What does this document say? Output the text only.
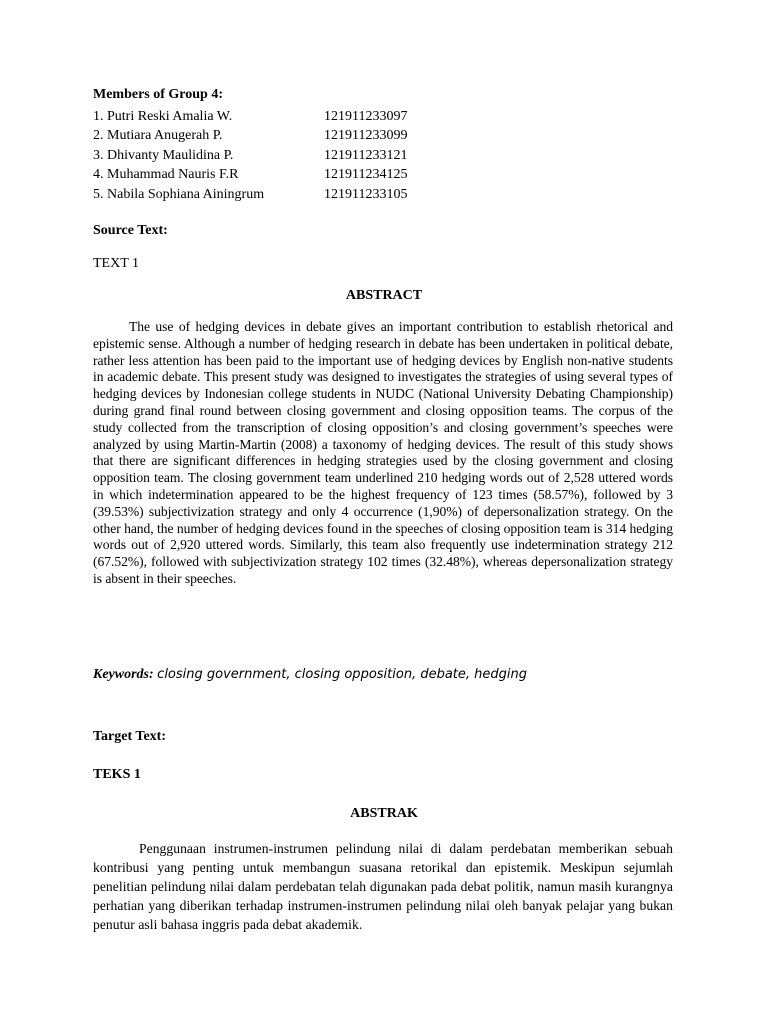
Members of Group 4:
1. Putri Reski Amalia W.	121911233097
2. Mutiara Anugerah P.	121911233099
3. Dhivanty Maulidina P.	121911233121
4. Muhammad Nauris F.R	121911234125
5. Nabila Sophiana Ainingrum	121911233105
Source Text:
TEXT 1
ABSTRACT

The use of hedging devices in debate gives an important contribution to establish rhetorical and epistemic sense. Although a number of hedging research in debate has been undertaken in political debate, rather less attention has been paid to the important use of hedging devices by English non-native students in academic debate. This present study was designed to investigates the strategies of using several types of hedging devices by Indonesian college students in NUDC (National University Debating Championship) during grand final round between closing government and closing opposition teams. The corpus of the study collected from the transcription of closing opposition’s and closing government’s speeches were analyzed by using Martin-Martin (2008) a taxonomy of hedging devices. The result of this study shows that there are significant differences in hedging strategies used by the closing government and closing opposition team. The closing government team underlined 210 hedging words out of 2,528 uttered words in which indetermination appeared to be the highest frequency of 123 times (58.57%), followed by 3 (39.53%) subjectivization strategy and only 4 occurrence (1,90%) of depersonalization strategy. On the other hand, the number of hedging devices found in the speeches of closing opposition team is 314 hedging words out of 2,920 uttered words. Similarly, this team also frequently use indetermination strategy 212 (67.52%), followed with subjectivization strategy 102 times (32.48%), whereas depersonalization strategy is absent in their speeches.

Keywords: closing government, closing opposition, debate, hedging
Target Text:
TEKS 1
ABSTRAK

Penggunaan instrumen-instrumen pelindung nilai di dalam perdebatan memberikan sebuah kontribusi yang penting untuk membangun suasana retorikal dan epistemik. Meskipun sejumlah penelitian pelindung nilai dalam perdebatan telah digunakan pada debat politik, namun masih kurangnya perhatian yang diberikan terhadap instrumen-instrumen pelindung nilai oleh banyak pelajar yang bukan penutur asli bahasa inggris pada debat akademik.
